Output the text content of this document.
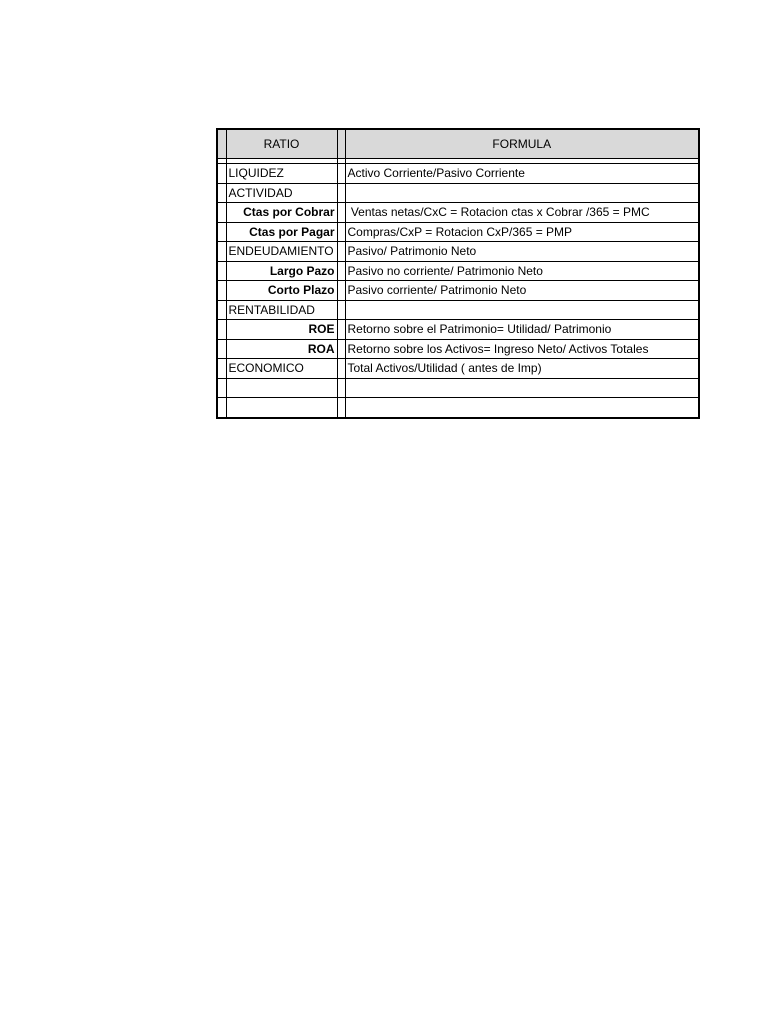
	RATIO		FORMULA

	LIQUIDEZ		Activo Corriente/Pasivo Corriente
	ACTIVIDAD		
	Ctas por Cobrar		Ventas netas/CxC = Rotacion ctas x Cobrar /365 = PMC
	Ctas por Pagar		Compras/CxP = Rotacion CxP/365 = PMP
	ENDEUDAMIENTO		Pasivo/ Patrimonio Neto
	Largo Pazo		Pasivo no corriente/ Patrimonio Neto
	Corto Plazo		Pasivo corriente/ Patrimonio Neto
	RENTABILIDAD		
	ROE		Retorno sobre el Patrimonio= Utilidad/ Patrimonio
	ROA		Retorno sobre los Activos= Ingreso Neto/ Activos Totales
	ECONOMICO		Total Activos/Utilidad ( antes de Imp)
